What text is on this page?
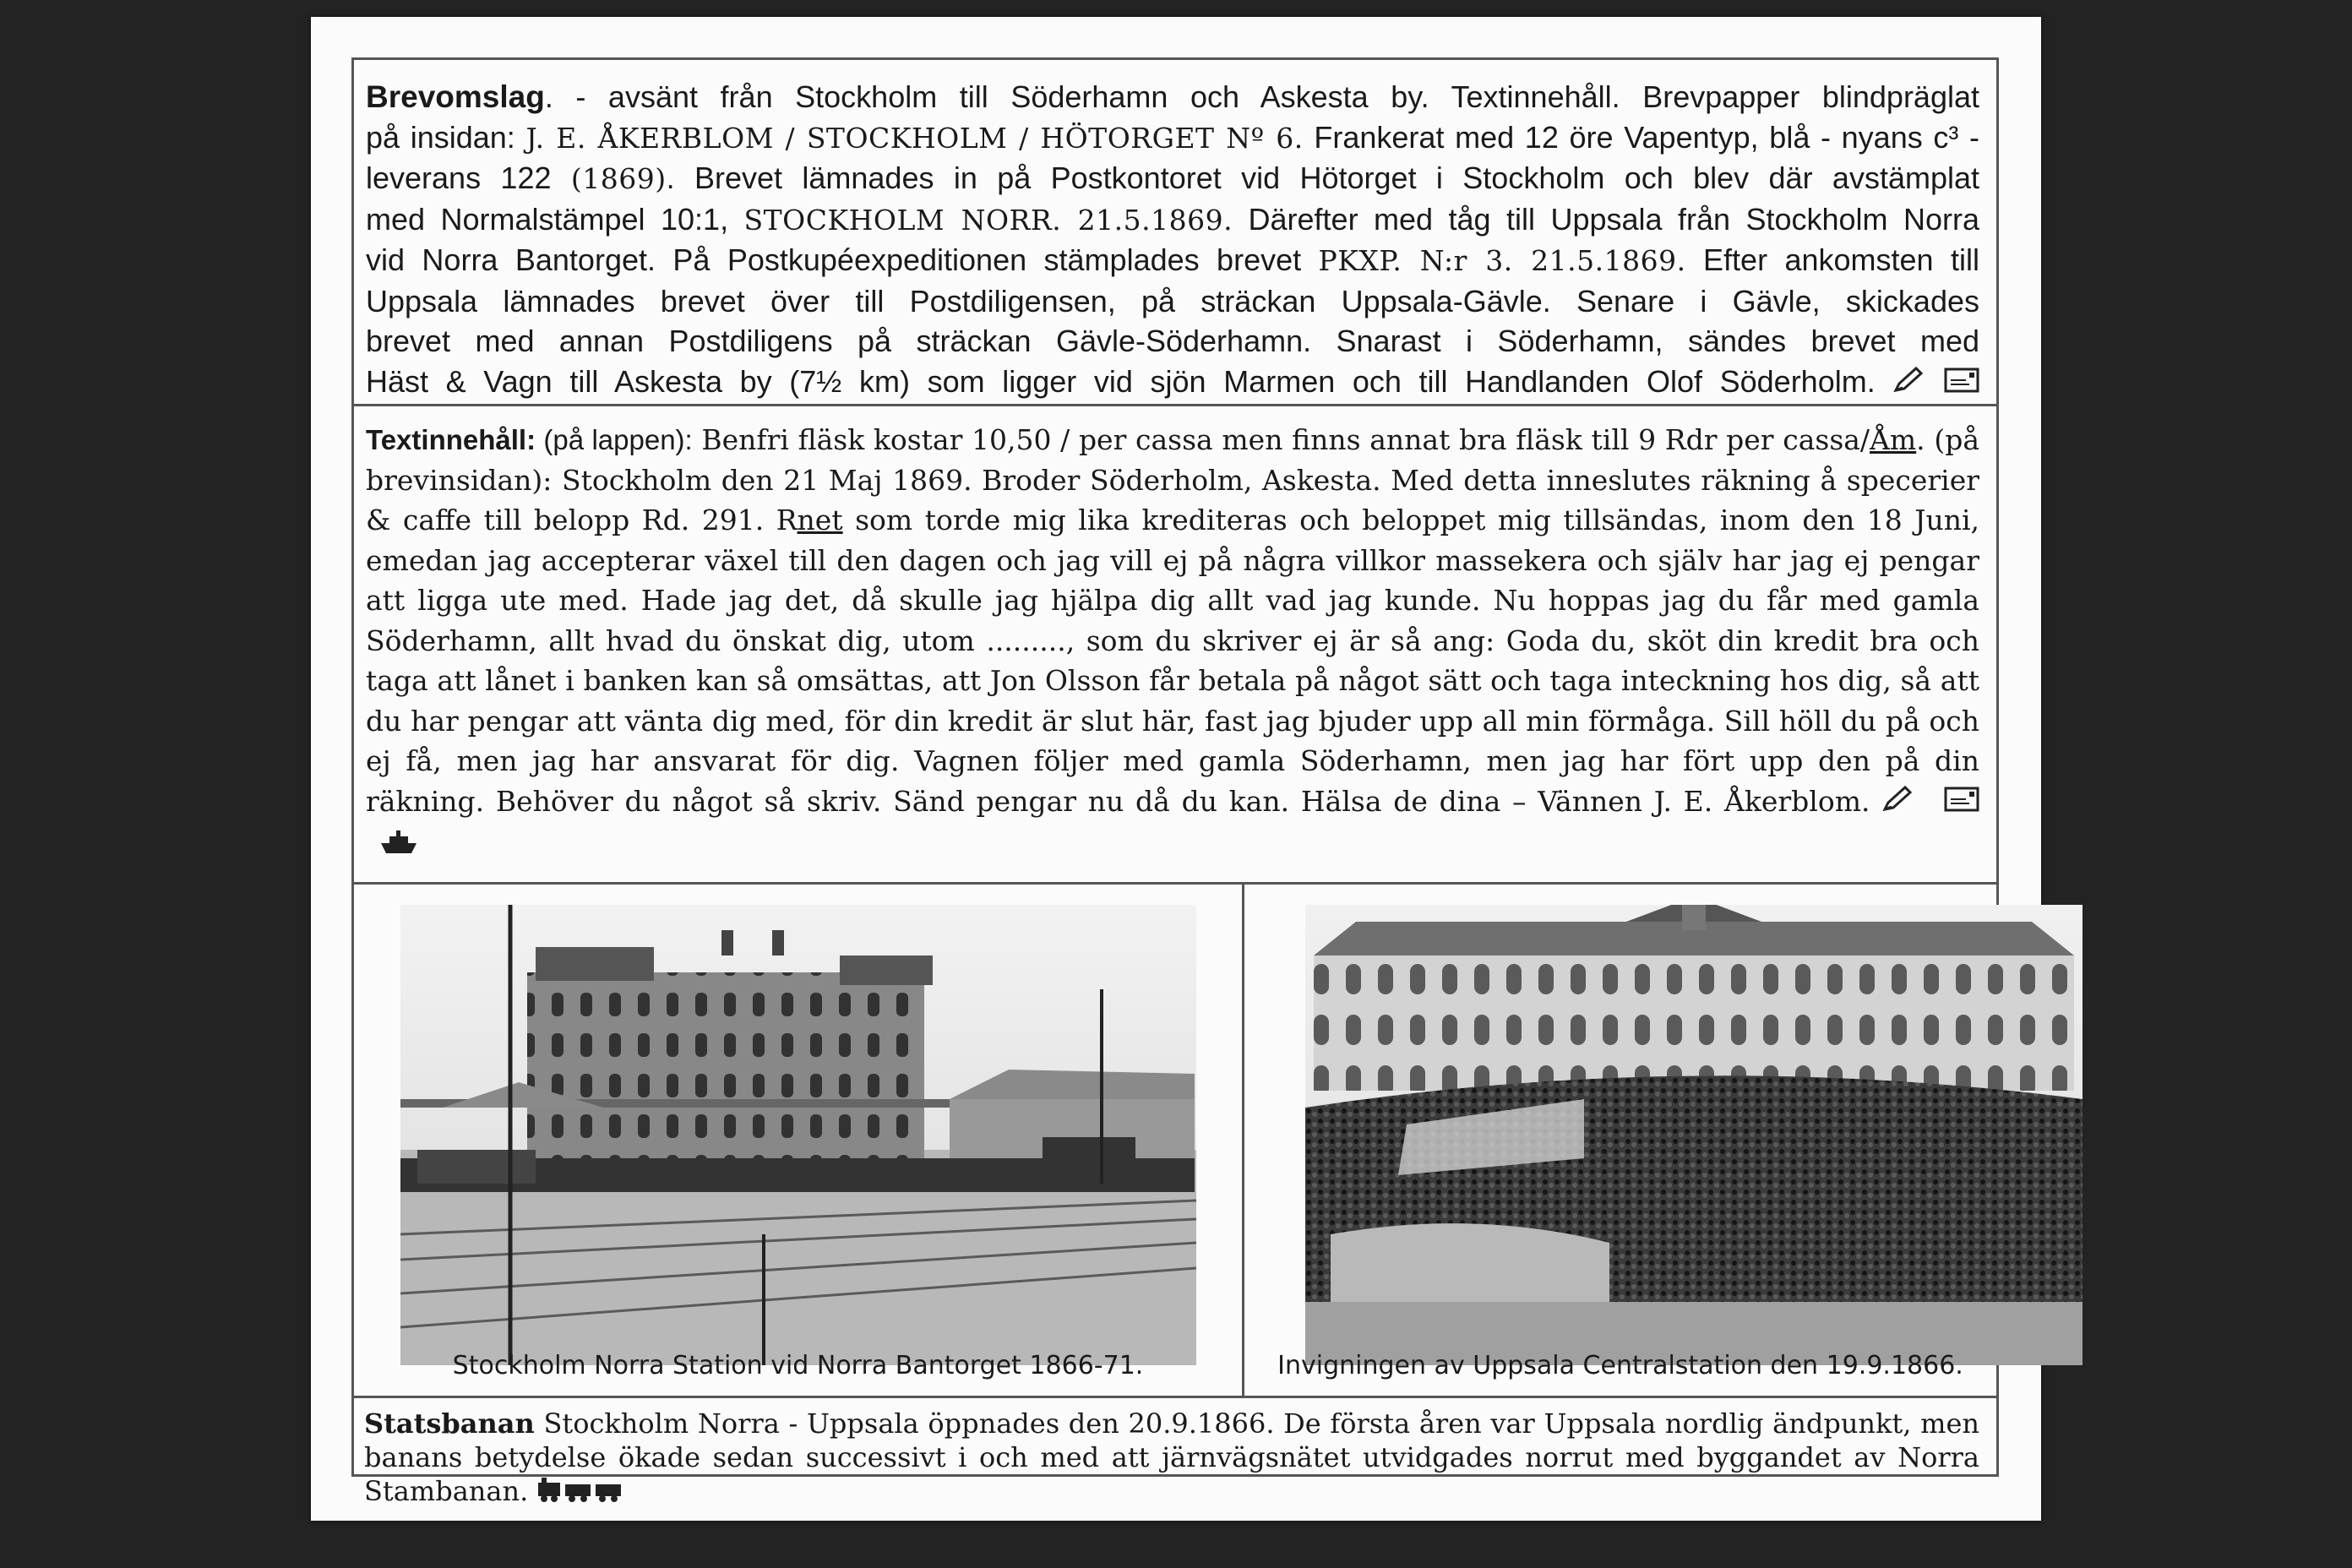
Brevomslag. - avsänt från Stockholm till Söderhamn och Askesta by. Textinnehåll. Brevpapper blindpräglat
på insidan: J. E. ÅKERBLOM / STOCKHOLM / HÖTORGET Nº 6. Frankerat med 12 öre Vapentyp, blå - nyans c³ -
leverans 122 (1869). Brevet lämnades in på Postkontoret vid Hötorget i Stockholm och blev där avstämplat
med Normalstämpel 10:1, STOCKHOLM NORR. 21.5.1869. Därefter med tåg till Uppsala från Stockholm Norra
vid Norra Bantorget. På Postkupéexpeditionen stämplades brevet PKXP. N:r 3. 21.5.1869. Efter ankomsten till
Uppsala lämnades brevet över till Postdiligensen, på sträckan Uppsala-Gävle. Senare i Gävle, skickades
brevet med annan Postdiligens på sträckan Gävle-Söderhamn. Snarast i Söderhamn, sändes brevet med
Häst & Vagn till Askesta by (7½ km) som ligger vid sjön Marmen och till Handlanden Olof Söderholm.

Textinnehåll: (på lappen): Benfri fläsk kostar 10,50 / per cassa men finns annat bra fläsk till 9 Rdr per cassa/Åm. (på brevinsidan): Stockholm den 21 Maj 1869. Broder Söderholm, Askesta. Med detta inneslutes räkning å specerier & caffe till belopp Rd. 291. Rnet som torde mig lika krediteras och beloppet mig tillsändas, inom den 18 Juni, emedan jag accepterar växel till den dagen och jag vill ej på några villkor massekera och själv har jag ej pengar att ligga ute med. Hade jag det, då skulle jag hjälpa dig allt vad jag kunde. Nu hoppas jag du får med gamla Söderhamn, allt hvad du önskat dig, utom ........., som du skriver ej är så ang: Goda du, sköt din kredit bra och taga att lånet i banken kan så omsättas, att Jon Olsson får betala på något sätt och taga inteckning hos dig, så att du har pengar att vänta dig med, för din kredit är slut här, fast jag bjuder upp all min förmåga. Sill höll du på och ej få, men jag har ansvarat för dig. Vagnen följer med gamla Söderhamn, men jag har fört upp den på din räkning. Behöver du något så skriv. Sänd pengar nu då du kan. Hälsa de dina – Vännen J. E. Åkerblom.

Stockholm Norra Station vid Norra Bantorget 1866-71.	Invigningen av Uppsala Centralstation den 19.9.1866.

Statsbanan Stockholm Norra - Uppsala öppnades den 20.9.1866. De första åren var Uppsala nordlig ändpunkt, men banans betydelse ökade sedan successivt i och med att järnvägsnätet utvidgades norrut med byggandet av Norra Stambanan.
